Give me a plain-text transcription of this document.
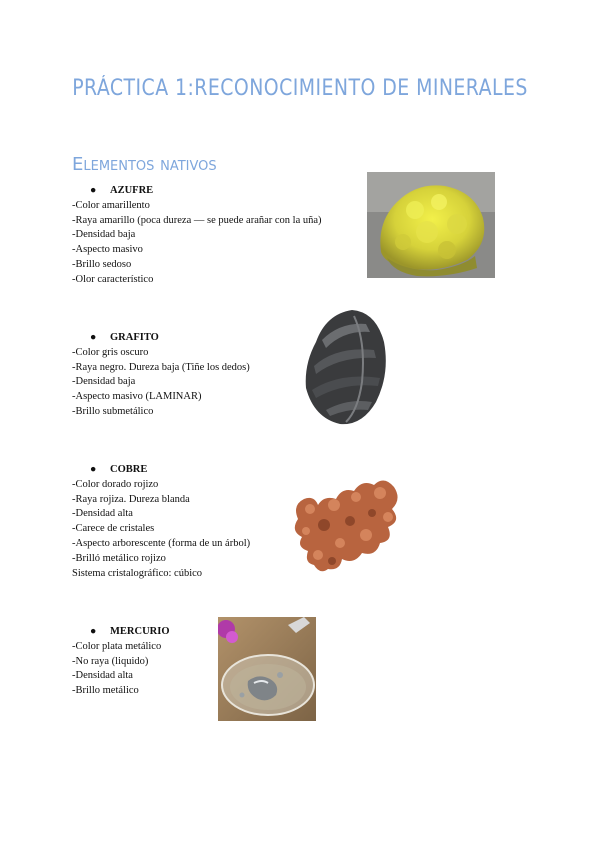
PRÁCTICA 1:RECONOCIMIENTO DE MINERALES
Elementos nativos
● AZUFRE
-Color amarillento
-Raya amarillo (poca dureza — se puede arañar con la uña)
-Densidad baja
-Aspecto masivo
-Brillo sedoso
-Olor característico
● GRAFITO
-Color gris oscuro
-Raya negro. Dureza baja (Tiñe los dedos)
-Densidad baja
-Aspecto masivo (LAMINAR)
-Brillo submetálico
● COBRE
-Color dorado rojizo
-Raya rojiza. Dureza blanda
-Densidad alta
-Carece de cristales
-Aspecto arborescente (forma de un árbol)
-Brilló metálico rojizo
Sistema cristalográfico: cúbico
● MERCURIO
-Color plata metálico
-No raya (liquido)
-Densidad alta
-Brillo metálico
